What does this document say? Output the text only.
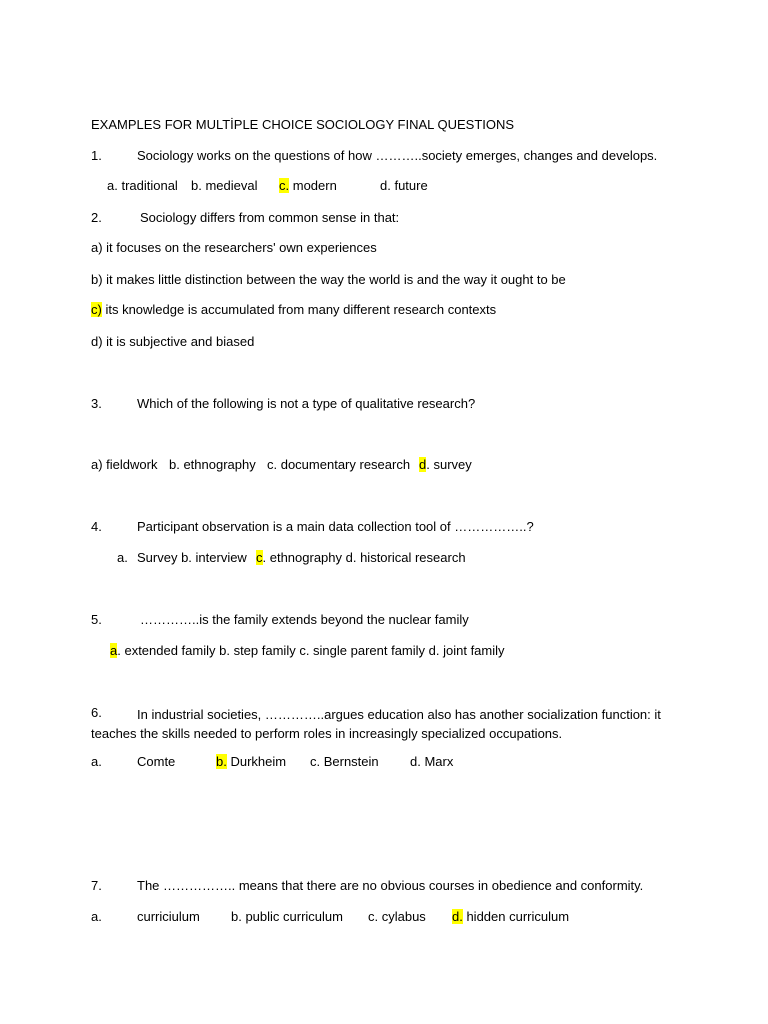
EXAMPLES FOR MULTİPLE CHOICE SOCIOLOGY FINAL QUESTIONS
1.	Sociology works on the questions of how ………..society emerges, changes and develops.
a. traditional b. medieval c. modern	d. future
2.	Sociology differs from common sense in that:
a) it focuses on the researchers' own experiences
b) it makes little distinction between the way the world is and the way it ought to be
c) its knowledge is accumulated from many different research contexts
d) it is subjective and biased
3.	Which of the following is not a type of qualitative research?
a) fieldwork b. ethnography c. documentary research d. survey
4.	Participant observation is a main data collection tool of ……………..?
a. Survey b. interview c. ethnography d. historical research
5.	…………..is the family extends beyond the nuclear family
a. extended family b. step family c. single parent family d. joint family
6.	In industrial societies, …………..argues education also has another socialization function: it teaches the skills needed to perform roles in increasingly specialized occupations.
a.	Comte	b. Durkheim c. Bernstein d. Marx
7.	The …………….. means that there are no obvious courses in obedience and conformity.
a.	curriciulum b. public curriculum c. cylabus d. hidden curriculum
